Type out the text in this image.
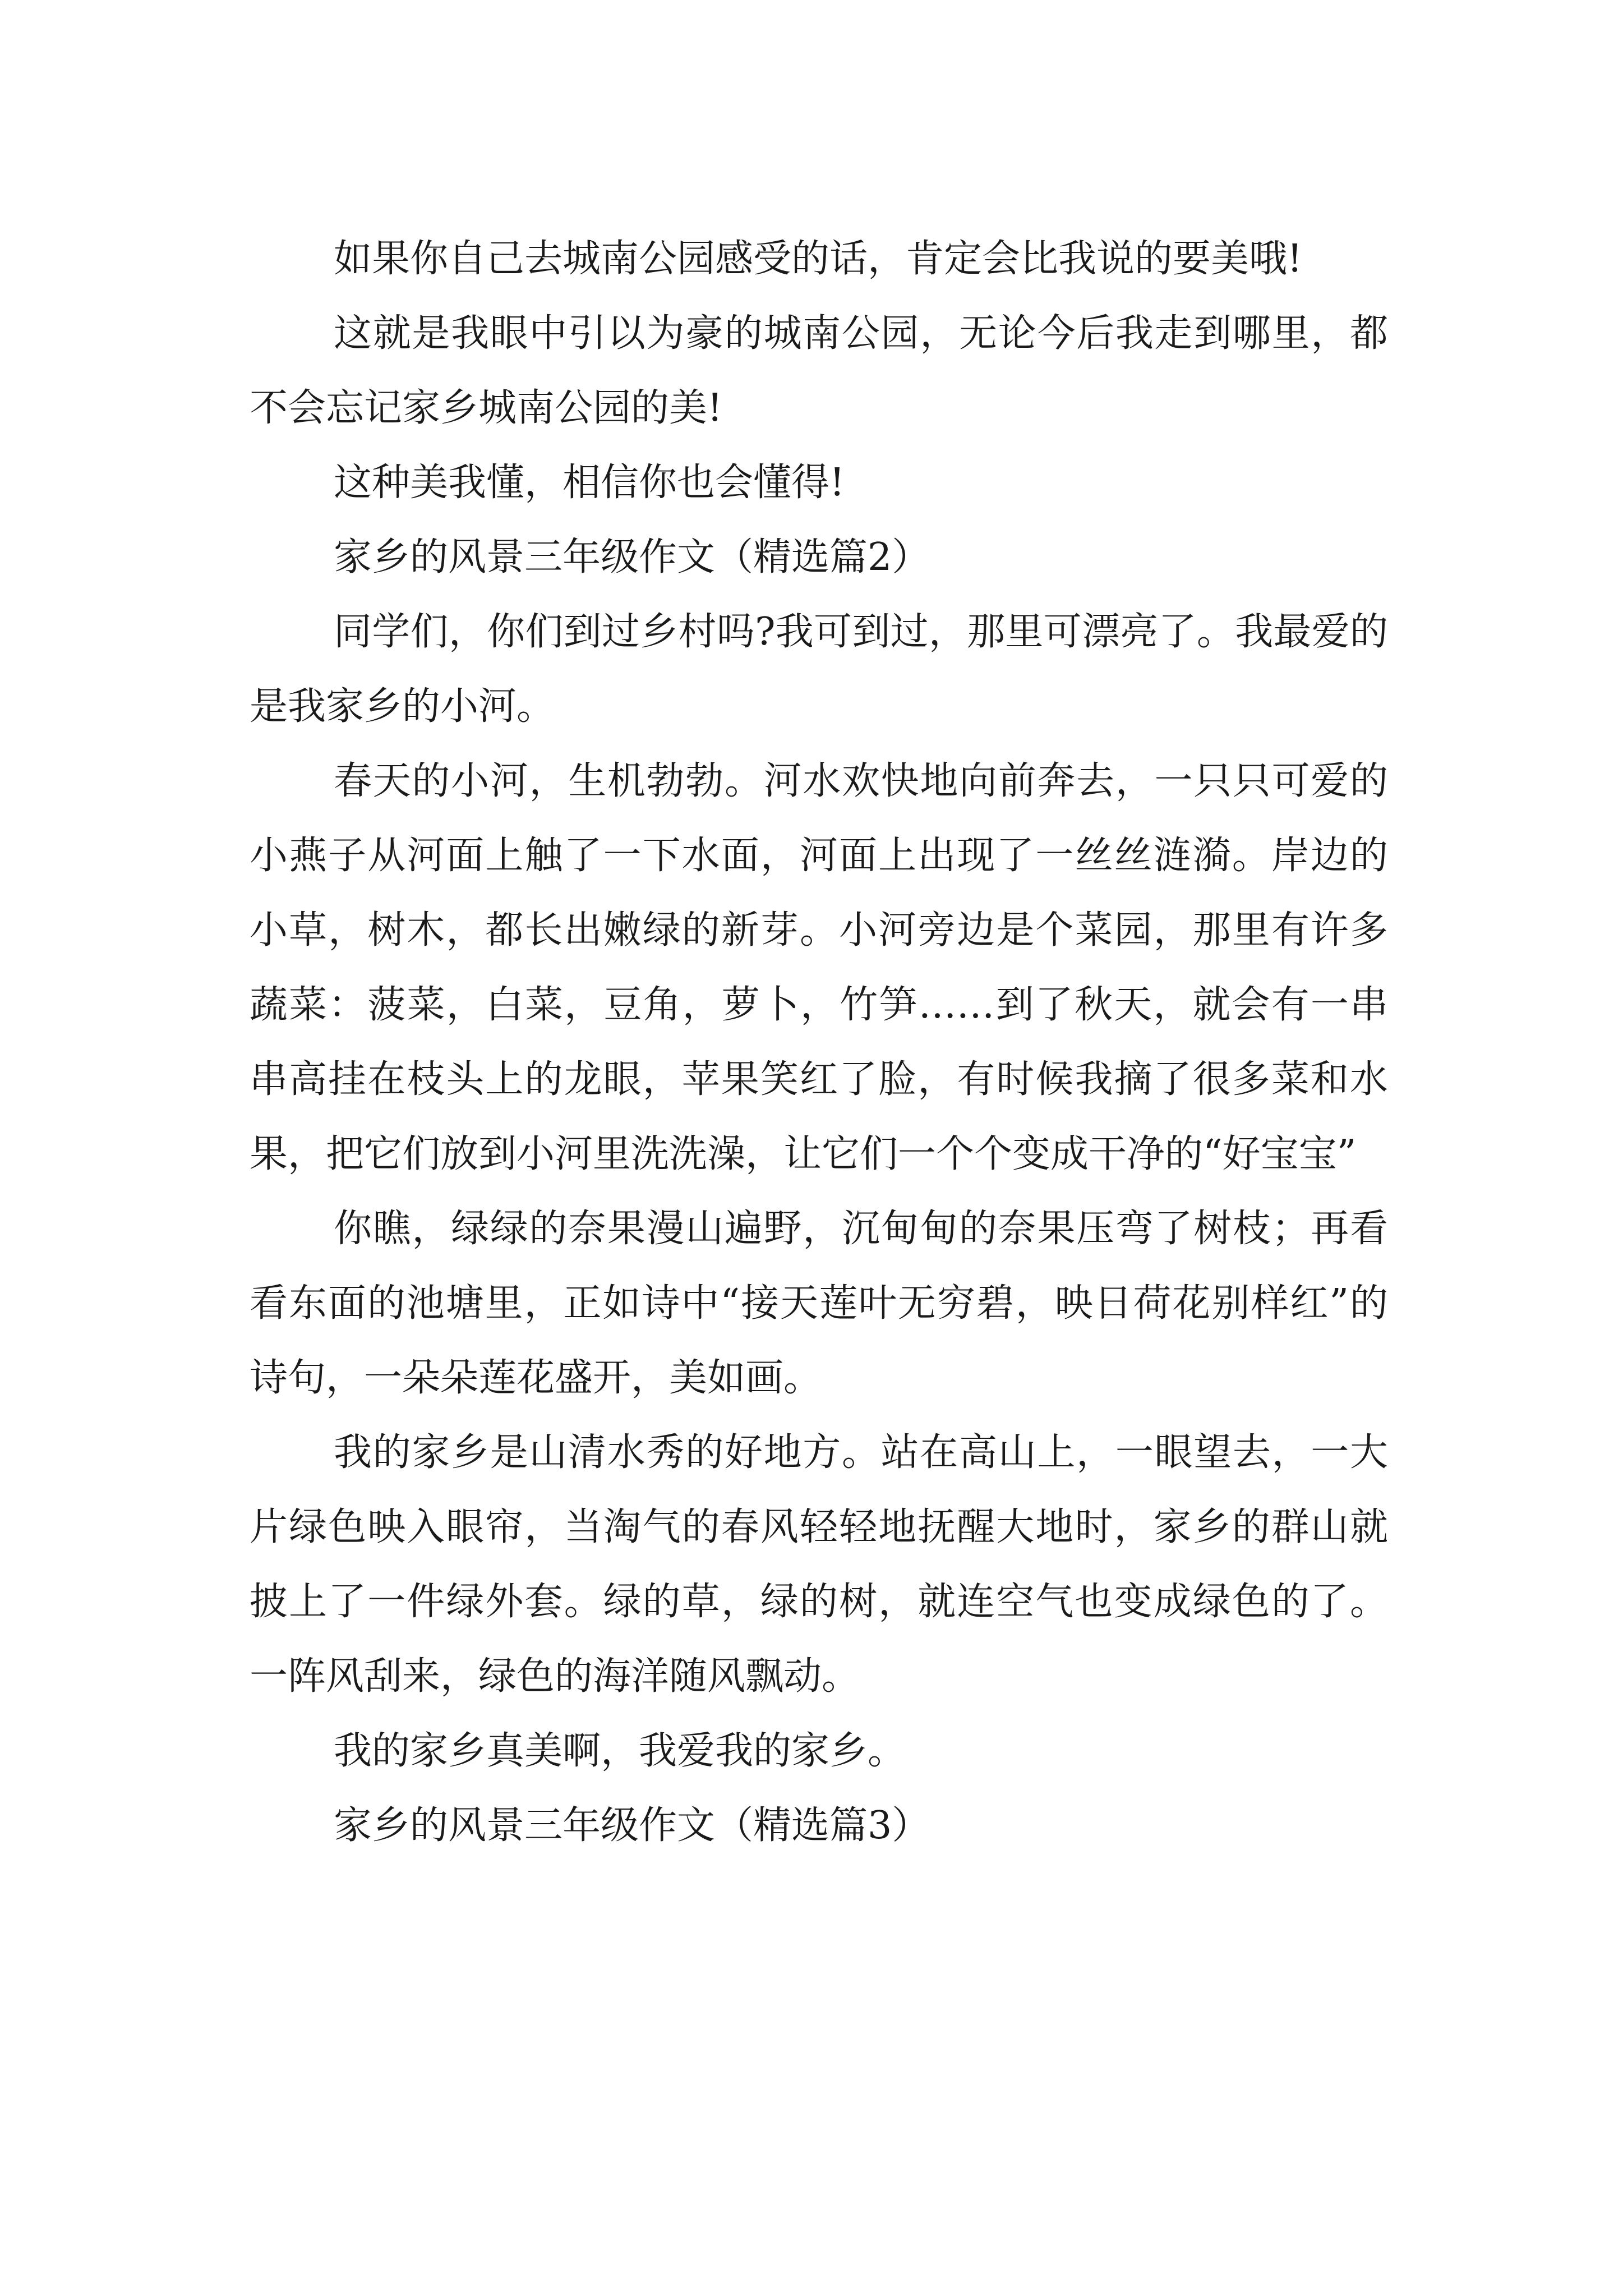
如果你自己去城南公园感受的话，肯定会比我说的要美哦!

这就是我眼中引以为豪的城南公园，无论今后我走到哪里，都不会忘记家乡城南公园的美!

这种美我懂，相信你也会懂得!

家乡的风景三年级作文（精选篇2）

同学们，你们到过乡村吗?我可到过，那里可漂亮了。我最爱的是我家乡的小河。

春天的小河，生机勃勃。河水欢快地向前奔去，一只只可爱的小燕子从河面上触了一下水面，河面上出现了一丝丝涟漪。岸边的小草，树木，都长出嫩绿的新芽。小河旁边是个菜园，那里有许多蔬菜：菠菜，白菜，豆角，萝卜，竹笋……到了秋天，就会有一串串高挂在枝头上的龙眼，苹果笑红了脸，有时候我摘了很多菜和水果，把它们放到小河里洗洗澡，让它们一个个变成干净的“好宝宝”

你瞧，绿绿的奈果漫山遍野，沉甸甸的奈果压弯了树枝；再看看东面的池塘里，正如诗中“接天莲叶无穷碧，映日荷花别样红”的诗句，一朵朵莲花盛开，美如画。

我的家乡是山清水秀的好地方。站在高山上，一眼望去，一大片绿色映入眼帘，当淘气的春风轻轻地抚醒大地时，家乡的群山就披上了一件绿外套。绿的草，绿的树，就连空气也变成绿色的了。一阵风刮来，绿色的海洋随风飘动。

我的家乡真美啊，我爱我的家乡。

家乡的风景三年级作文（精选篇3）
